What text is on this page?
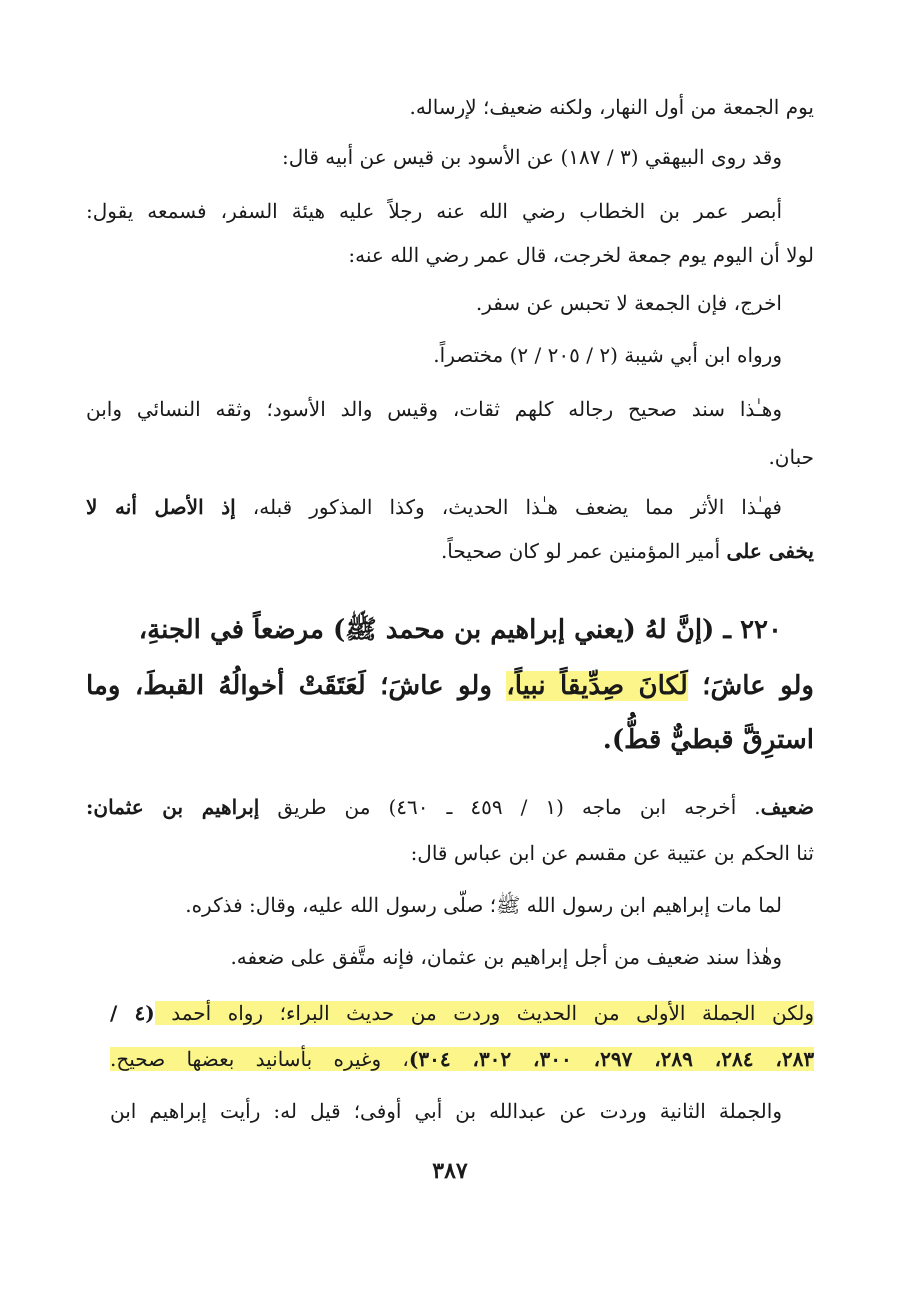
يوم الجمعة من أول النهار، ولكنه ضعيف؛ لإرساله.
وقد روى البيهقي (٣ / ١٨٧) عن الأسود بن قيس عن أبيه قال:
أبصر عمر بن الخطاب رضي الله عنه رجلاً عليه هيئة السفر، فسمعه يقول:
لولا أن اليوم يوم جمعة لخرجت، قال عمر رضي الله عنه:
اخرج، فإن الجمعة لا تحبس عن سفر.
ورواه ابن أبي شيبة (٢ / ٢٠٥ / ٢) مختصراً.
وهـٰذا سند صحيح رجاله كلهم ثقات، وقيس والد الأسود؛ وثقه النسائي وابن
حبان.
فهـٰذا الأثر مما يضعف هـٰذا الحديث، وكذا المذكور قبله، إذ الأصل أنه لا
يخفى على أمير المؤمنين عمر لو كان صحيحاً.
٢٢٠ ـ (إنَّ لهُ (يعني إبراهيم بن محمد ﷺ) مرضعاً في الجنةِ،
ولو عاشَ؛ لَكانَ صِدِّيقاً نبياً، ولو عاشَ؛ لَعَتَقَتْ أخوالُهُ القبطَ، وما
استرِقَّ قبطيٌّ قطُّ).
ضعيف. أخرجه ابن ماجه (١ / ٤٥٩ ـ ٤٦٠) من طريق إبراهيم بن عثمان:
ثنا الحكم بن عتيبة عن مقسم عن ابن عباس قال:
لما مات إبراهيم ابن رسول الله ﷺ؛ صلّى رسول الله عليه، وقال: فذكره.
وهٰذا سند ضعيف من أجل إبراهيم بن عثمان، فإنه متَّفق على ضعفه.
ولكن الجملة الأولى من الحديث وردت من حديث البراء؛ رواه أحمد (٤ /
٢٨٣، ٢٨٤، ٢٨٩، ٢٩٧، ٣٠٠، ٣٠٢، ٣٠٤)، وغيره بأسانيد بعضها صحيح.
والجملة الثانية وردت عن عبدالله بن أبي أوفى؛ قيل له: رأيت إبراهيم ابن
٣٨٧
